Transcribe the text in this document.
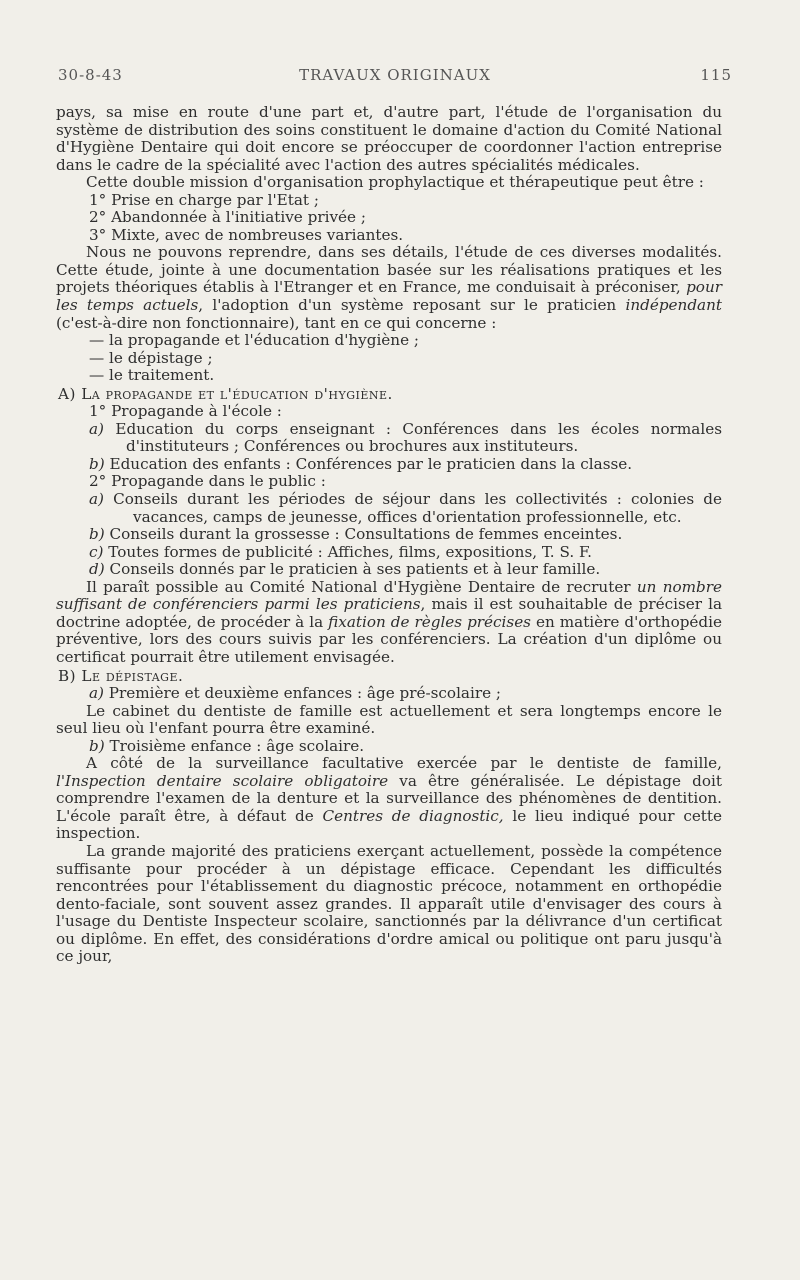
30-8-43	TRAVAUX ORIGINAUX	115

pays, sa mise en route d'une part et, d'autre part, l'étude de l'organisation du système de distribution des soins constituent le domaine d'action du Comité National d'Hygiène Dentaire qui doit encore se préoccuper de coordonner l'action entreprise dans le cadre de la spécialité avec l'action des autres spécialités médicales.

Cette double mission d'organisation prophylactique et thérapeutique peut être :

1° Prise en charge par l'Etat ;

2° Abandonnée à l'initiative privée ;

3° Mixte, avec de nombreuses variantes.

Nous ne pouvons reprendre, dans ses détails, l'étude de ces diverses modalités. Cette étude, jointe à une documentation basée sur les réalisations pratiques et les projets théoriques établis à l'Etranger et en France, me conduisait à préconiser, pour les temps actuels, l'adoption d'un système reposant sur le praticien indépendant (c'est-à-dire non fonctionnaire), tant en ce qui concerne :

— la propagande et l'éducation d'hygiène ;

— le dépistage ;

— le traitement.

A) La propagande et l'éducation d'hygiène.

1° Propagande à l'école :

a) Education du corps enseignant : Conférences dans les écoles normales d'instituteurs ; Conférences ou brochures aux instituteurs.

b) Education des enfants : Conférences par le praticien dans la classe.

2° Propagande dans le public :

a) Conseils durant les périodes de séjour dans les collectivités : colonies de vacances, camps de jeunesse, offices d'orientation professionnelle, etc.

b) Conseils durant la grossesse : Consultations de femmes enceintes.

c) Toutes formes de publicité : Affiches, films, expositions, T. S. F.

d) Conseils donnés par le praticien à ses patients et à leur famille.

Il paraît possible au Comité National d'Hygiène Dentaire de recruter un nombre suffisant de conférenciers parmi les praticiens, mais il est souhaitable de préciser la doctrine adoptée, de procéder à la fixation de règles précises en matière d'orthopédie préventive, lors des cours suivis par les conférenciers. La création d'un diplôme ou certificat pourrait être utilement envisagée.

B) Le dépistage.

a) Première et deuxième enfances : âge pré-scolaire ;

Le cabinet du dentiste de famille est actuellement et sera longtemps encore le seul lieu où l'enfant pourra être examiné.

b) Troisième enfance : âge scolaire.

A côté de la surveillance facultative exercée par le dentiste de famille, l'Inspection dentaire scolaire obligatoire va être généralisée. Le dépistage doit comprendre l'examen de la denture et la surveillance des phénomènes de dentition. L'école paraît être, à défaut de Centres de diagnostic, le lieu indiqué pour cette inspection.

La grande majorité des praticiens exerçant actuellement, possède la compétence suffisante pour procéder à un dépistage efficace. Cependant les difficultés rencontrées pour l'établissement du diagnostic précoce, notamment en orthopédie dento-faciale, sont souvent assez grandes. Il apparaît utile d'envisager des cours à l'usage du Dentiste Inspecteur scolaire, sanctionnés par la délivrance d'un certificat ou diplôme. En effet, des considérations d'ordre amical ou politique ont paru jusqu'à ce jour,
